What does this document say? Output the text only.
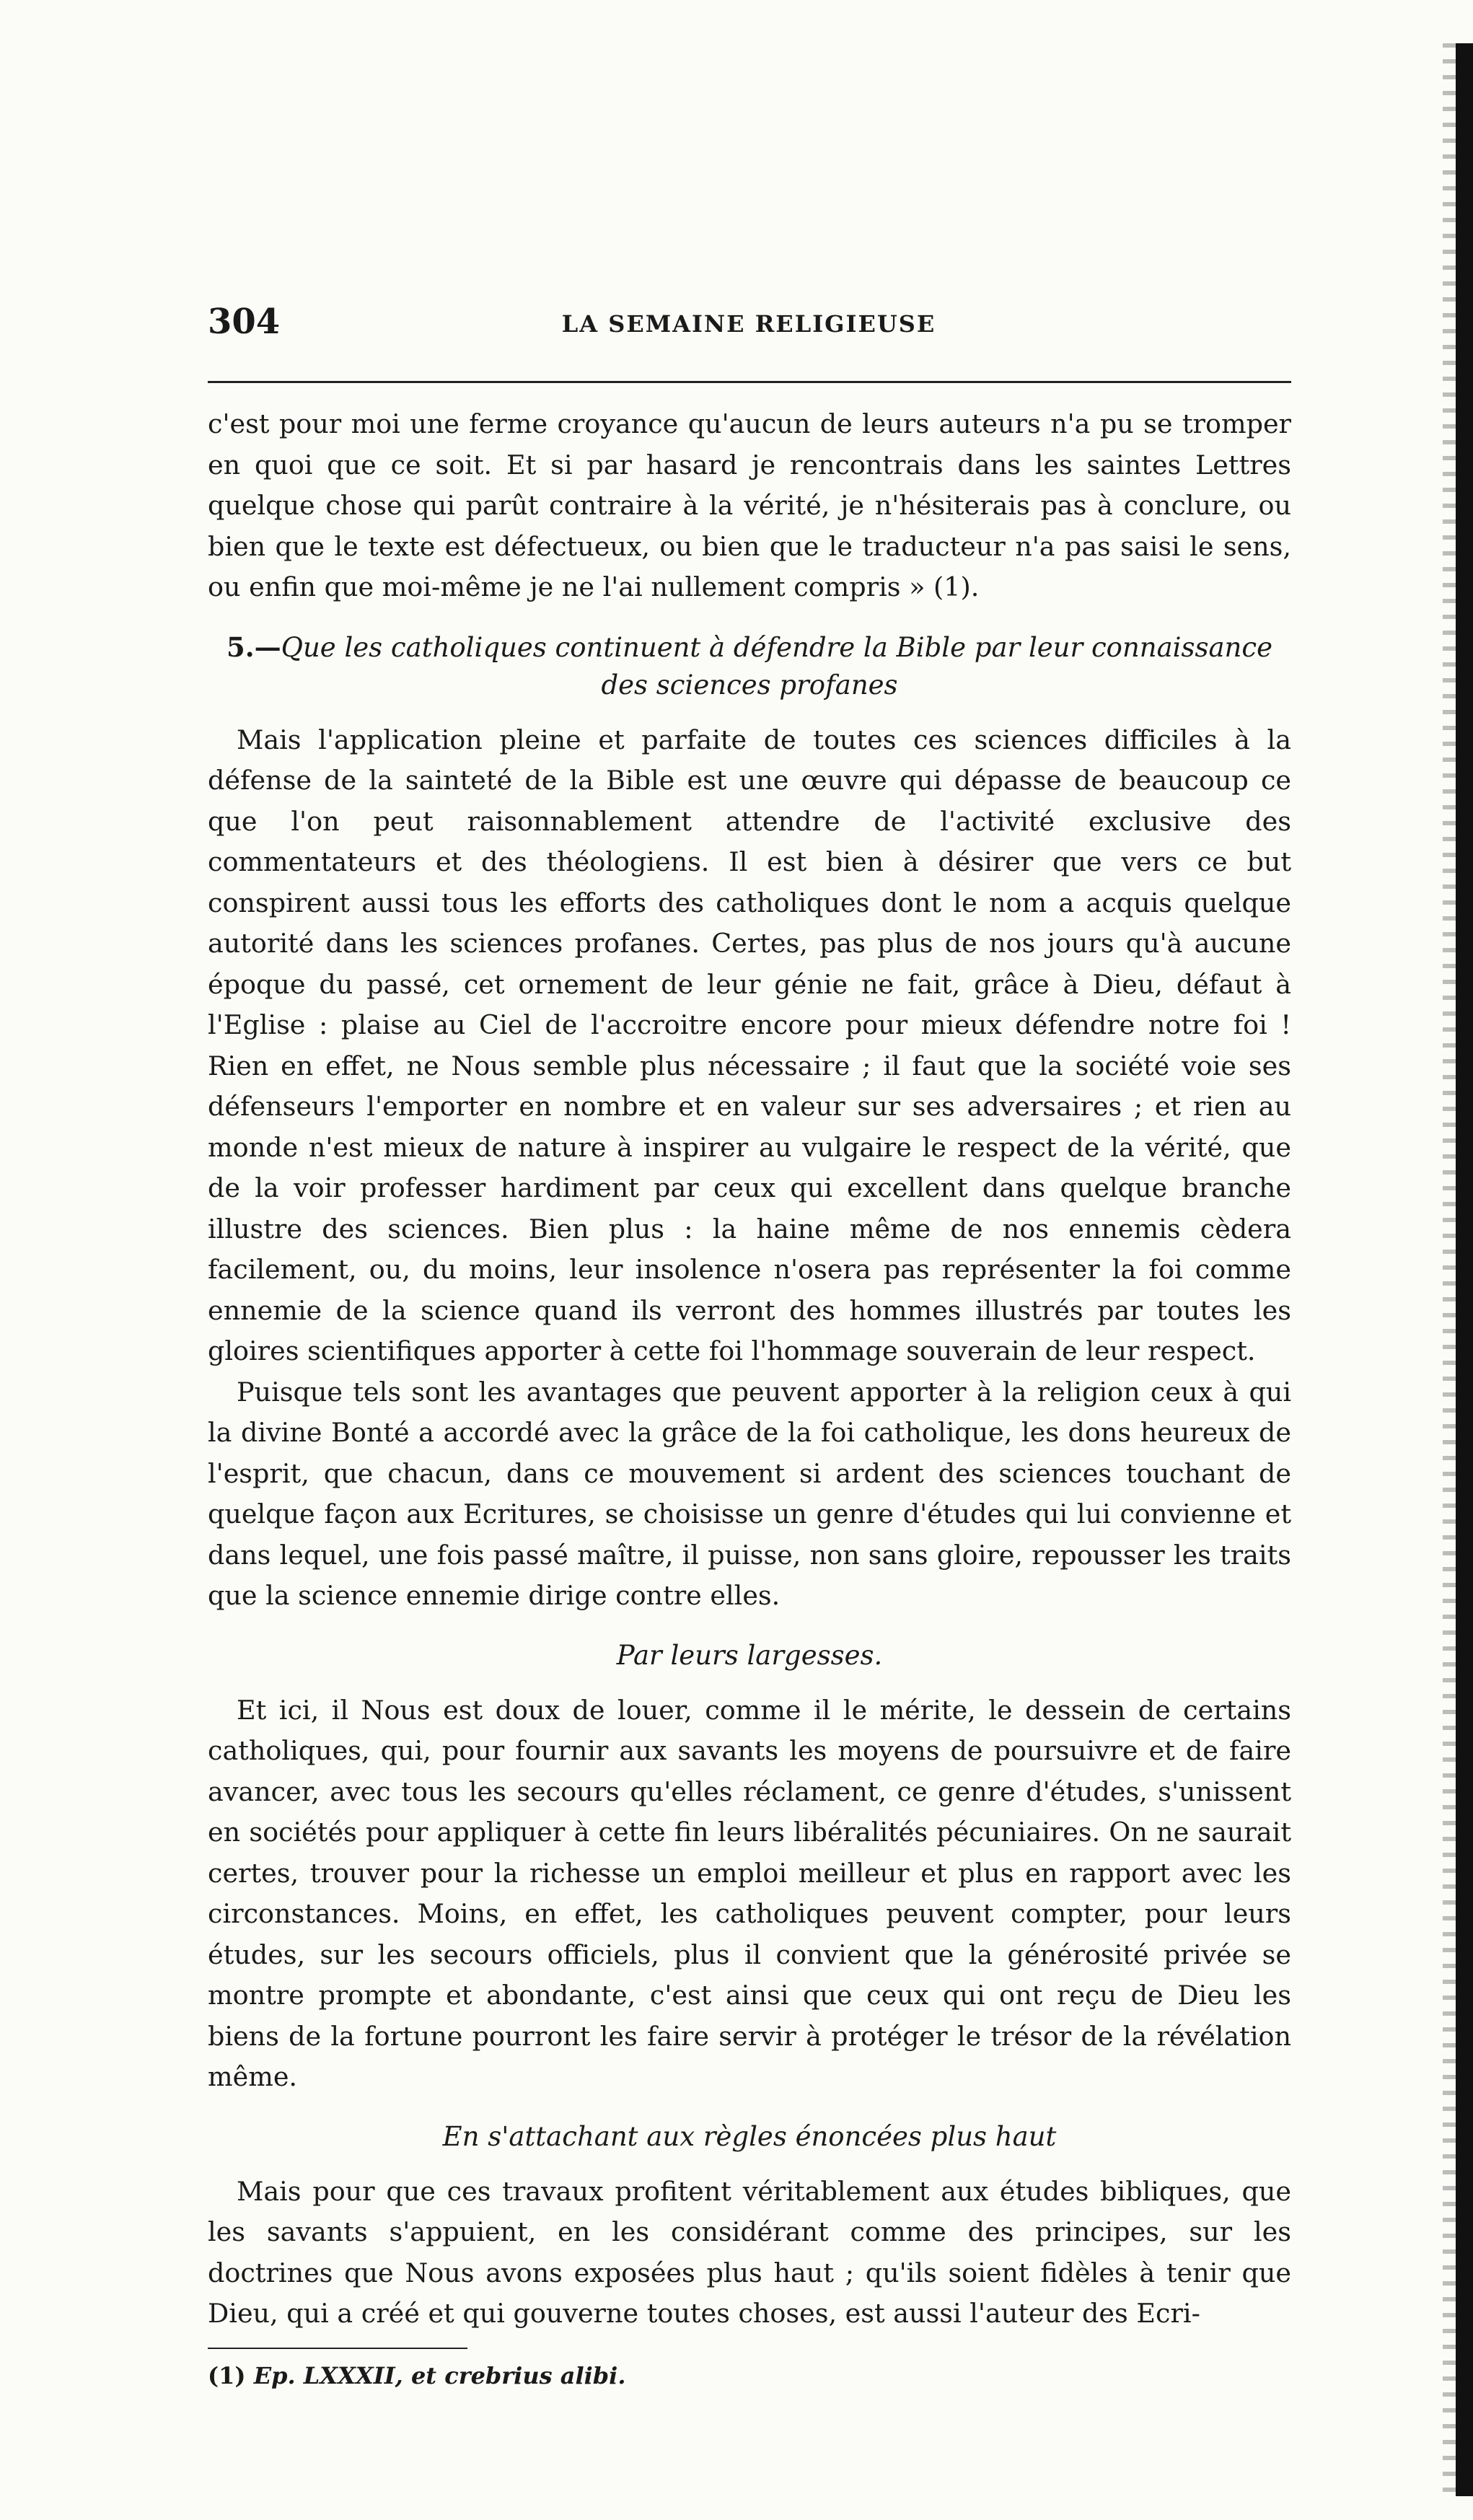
304	LA SEMAINE RELIGIEUSE

c'est pour moi une ferme croyance qu'aucun de leurs auteurs n'a pu se tromper en quoi que ce soit. Et si par hasard je rencontrais dans les saintes Lettres quelque chose qui parût contraire à la vérité, je n'hésiterais pas à conclure, ou bien que le texte est défectueux, ou bien que le traducteur n'a pas saisi le sens, ou enfin que moi-même je ne l'ai nullement compris » (1).

5.—Que les catholiques continuent à défendre la Bible par leur connaissance des sciences profanes

Mais l'application pleine et parfaite de toutes ces sciences difficiles à la défense de la sainteté de la Bible est une œuvre qui dépasse de beaucoup ce que l'on peut raisonnablement attendre de l'activité exclusive des commentateurs et des théologiens. Il est bien à désirer que vers ce but conspirent aussi tous les efforts des catholiques dont le nom a acquis quelque autorité dans les sciences profanes. Certes, pas plus de nos jours qu'à aucune époque du passé, cet ornement de leur génie ne fait, grâce à Dieu, défaut à l'Eglise : plaise au Ciel de l'accroitre encore pour mieux défendre notre foi ! Rien en effet, ne Nous semble plus nécessaire ; il faut que la société voie ses défenseurs l'emporter en nombre et en valeur sur ses adversaires ; et rien au monde n'est mieux de nature à inspirer au vulgaire le respect de la vérité, que de la voir professer hardiment par ceux qui excellent dans quelque branche illustre des sciences. Bien plus : la haine même de nos ennemis cèdera facilement, ou, du moins, leur insolence n'osera pas représenter la foi comme ennemie de la science quand ils verront des hommes illustrés par toutes les gloires scientifiques apporter à cette foi l'hommage souverain de leur respect.

Puisque tels sont les avantages que peuvent apporter à la religion ceux à qui la divine Bonté a accordé avec la grâce de la foi catholique, les dons heureux de l'esprit, que chacun, dans ce mouvement si ardent des sciences touchant de quelque façon aux Ecritures, se choisisse un genre d'études qui lui convienne et dans lequel, une fois passé maître, il puisse, non sans gloire, repousser les traits que la science ennemie dirige contre elles.

Par leurs largesses.

Et ici, il Nous est doux de louer, comme il le mérite, le dessein de certains catholiques, qui, pour fournir aux savants les moyens de poursuivre et de faire avancer, avec tous les secours qu'elles réclament, ce genre d'études, s'unissent en sociétés pour appliquer à cette fin leurs libéralités pécuniaires. On ne saurait certes, trouver pour la richesse un emploi meilleur et plus en rapport avec les circonstances. Moins, en effet, les catholiques peuvent compter, pour leurs études, sur les secours officiels, plus il convient que la générosité privée se montre prompte et abondante, c'est ainsi que ceux qui ont reçu de Dieu les biens de la fortune pourront les faire servir à protéger le trésor de la révélation même.

En s'attachant aux règles énoncées plus haut

Mais pour que ces travaux profitent véritablement aux études bibliques, que les savants s'appuient, en les considérant comme des principes, sur les doctrines que Nous avons exposées plus haut ; qu'ils soient fidèles à tenir que Dieu, qui a créé et qui gouverne toutes choses, est aussi l'auteur des Ecri-

(1) Ep. LXXXII, et crebrius alibi.
